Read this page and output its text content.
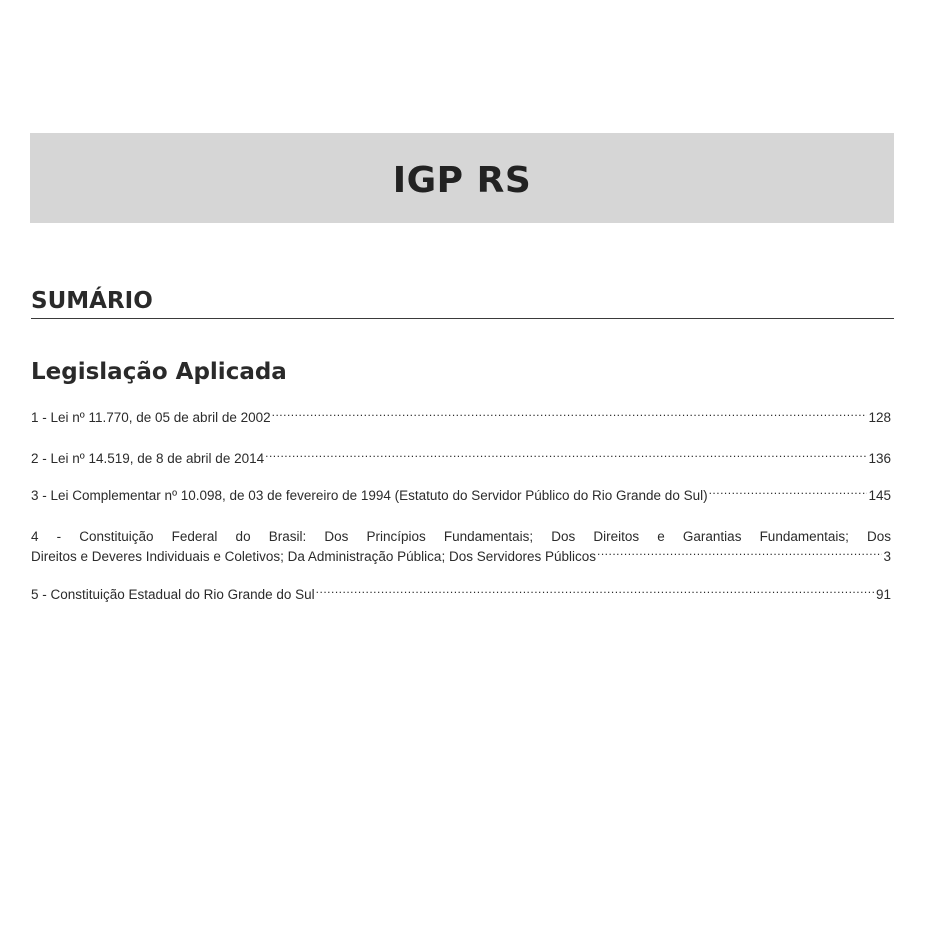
IGP RS
SUMÁRIO
Legislação Aplicada
1 - Lei nº 11.770, de 05 de abril de 2002 .....	128
2 - Lei nº 14.519, de 8 de abril de 2014 .....	136
3 - Lei Complementar nº 10.098, de 03 de fevereiro de 1994 (Estatuto do Servidor Público do Rio Grande do Sul) .....	145
4 - Constituição Federal do Brasil: Dos Princípios Fundamentais; Dos Direitos e Garantias Fundamentais; Dos
Direitos e Deveres Individuais e Coletivos; Da Administração Pública; Dos Servidores Públicos .....	3
5 - Constituição Estadual do Rio Grande do Sul .....	91
